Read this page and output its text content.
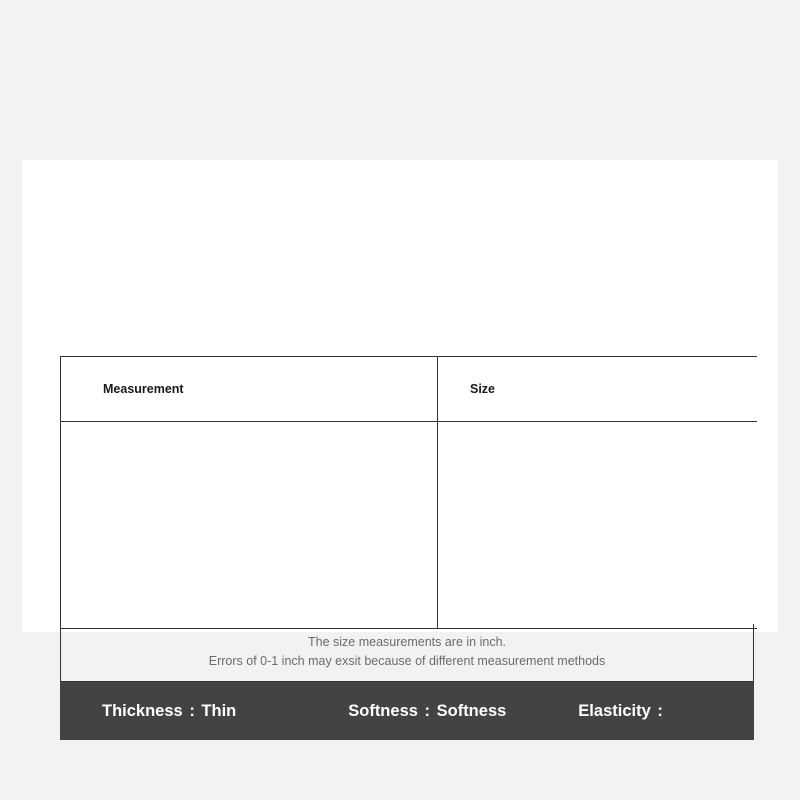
Measurement	Size

The size measurements are in inch.
Errors of 0-1 inch may exsit because of different measurement methods
Thickness : Thin	Softness : Softness	Elasticity :
